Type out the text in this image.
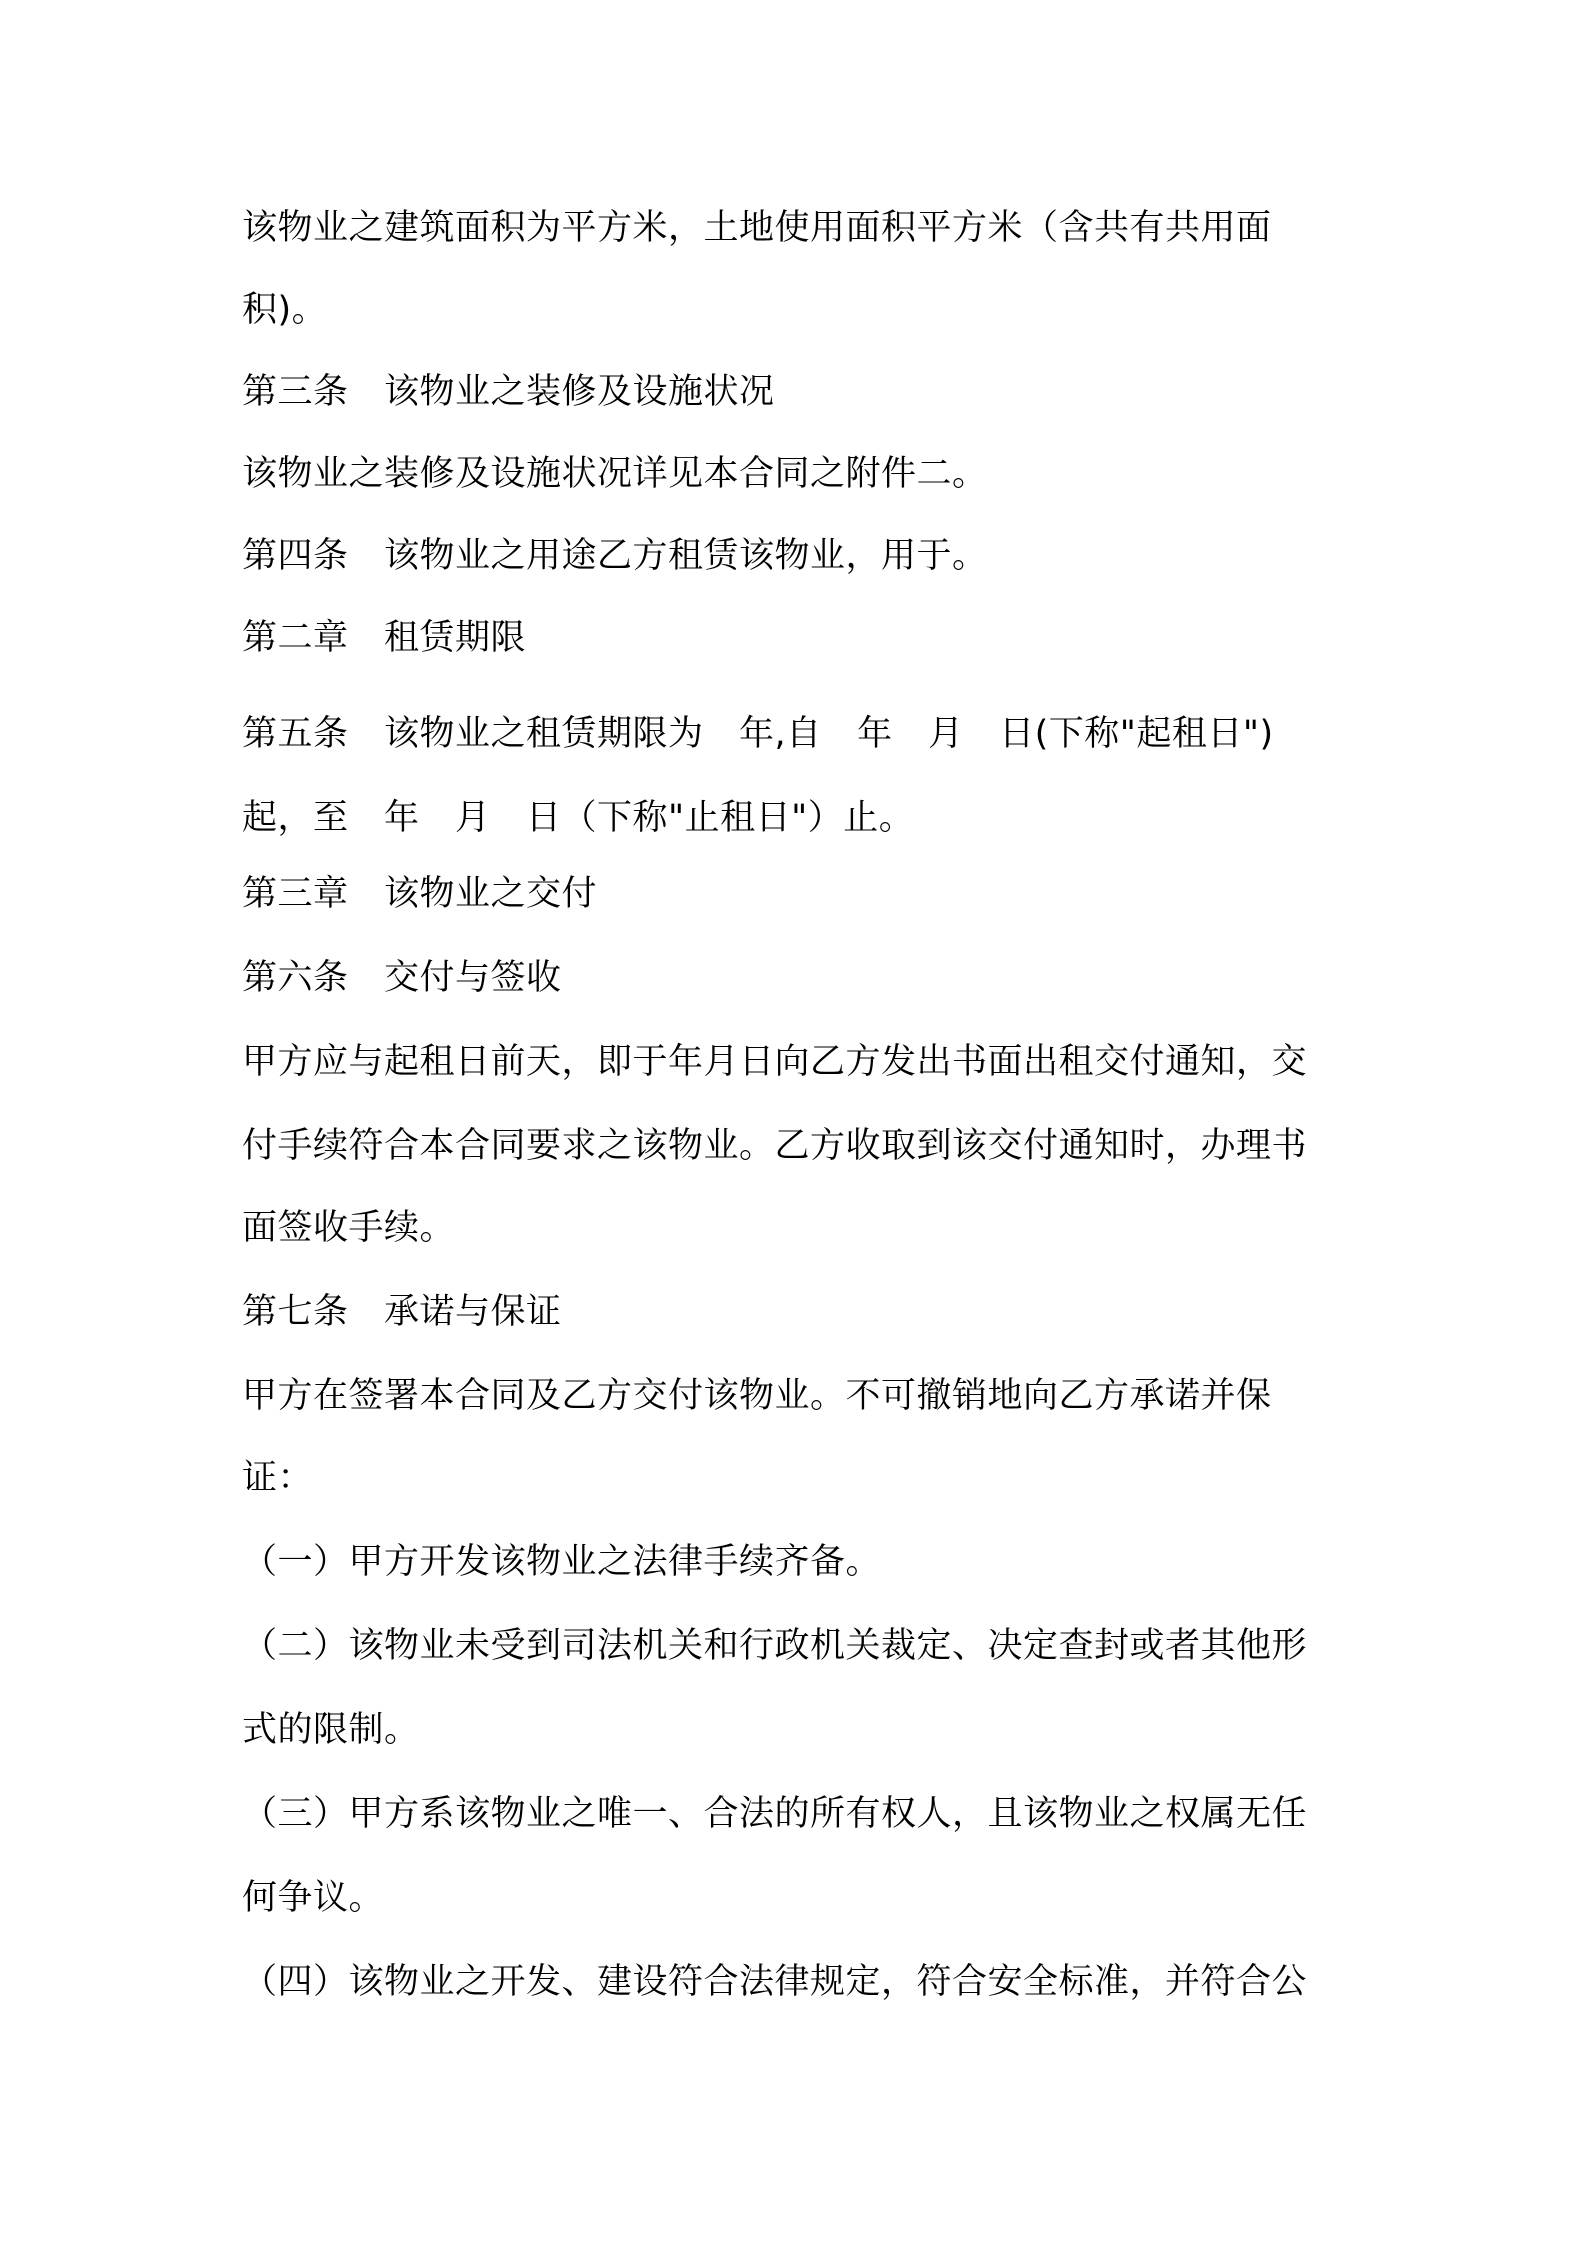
该物业之建筑面积为平方米，土地使用面积平方米（含共有共用面
积)。
第三条　该物业之装修及设施状况
该物业之装修及设施状况详见本合同之附件二。
第四条　该物业之用途乙方租赁该物业，用于。
第二章　租赁期限
第五条　该物业之租赁期限为　年,自　年　月　日(下称"起租日")
起，至　年　月　日（下称"止租日"）止。
第三章　该物业之交付
第六条　交付与签收
甲方应与起租日前天，即于年月日向乙方发出书面出租交付通知，交
付手续符合本合同要求之该物业。乙方收取到该交付通知时，办理书
面签收手续。
第七条　承诺与保证
甲方在签署本合同及乙方交付该物业。不可撤销地向乙方承诺并保
证：
（一）甲方开发该物业之法律手续齐备。
（二）该物业未受到司法机关和行政机关裁定、决定查封或者其他形
式的限制。
（三）甲方系该物业之唯一、合法的所有权人，且该物业之权属无任
何争议。
（四）该物业之开发、建设符合法律规定，符合安全标准，并符合公
